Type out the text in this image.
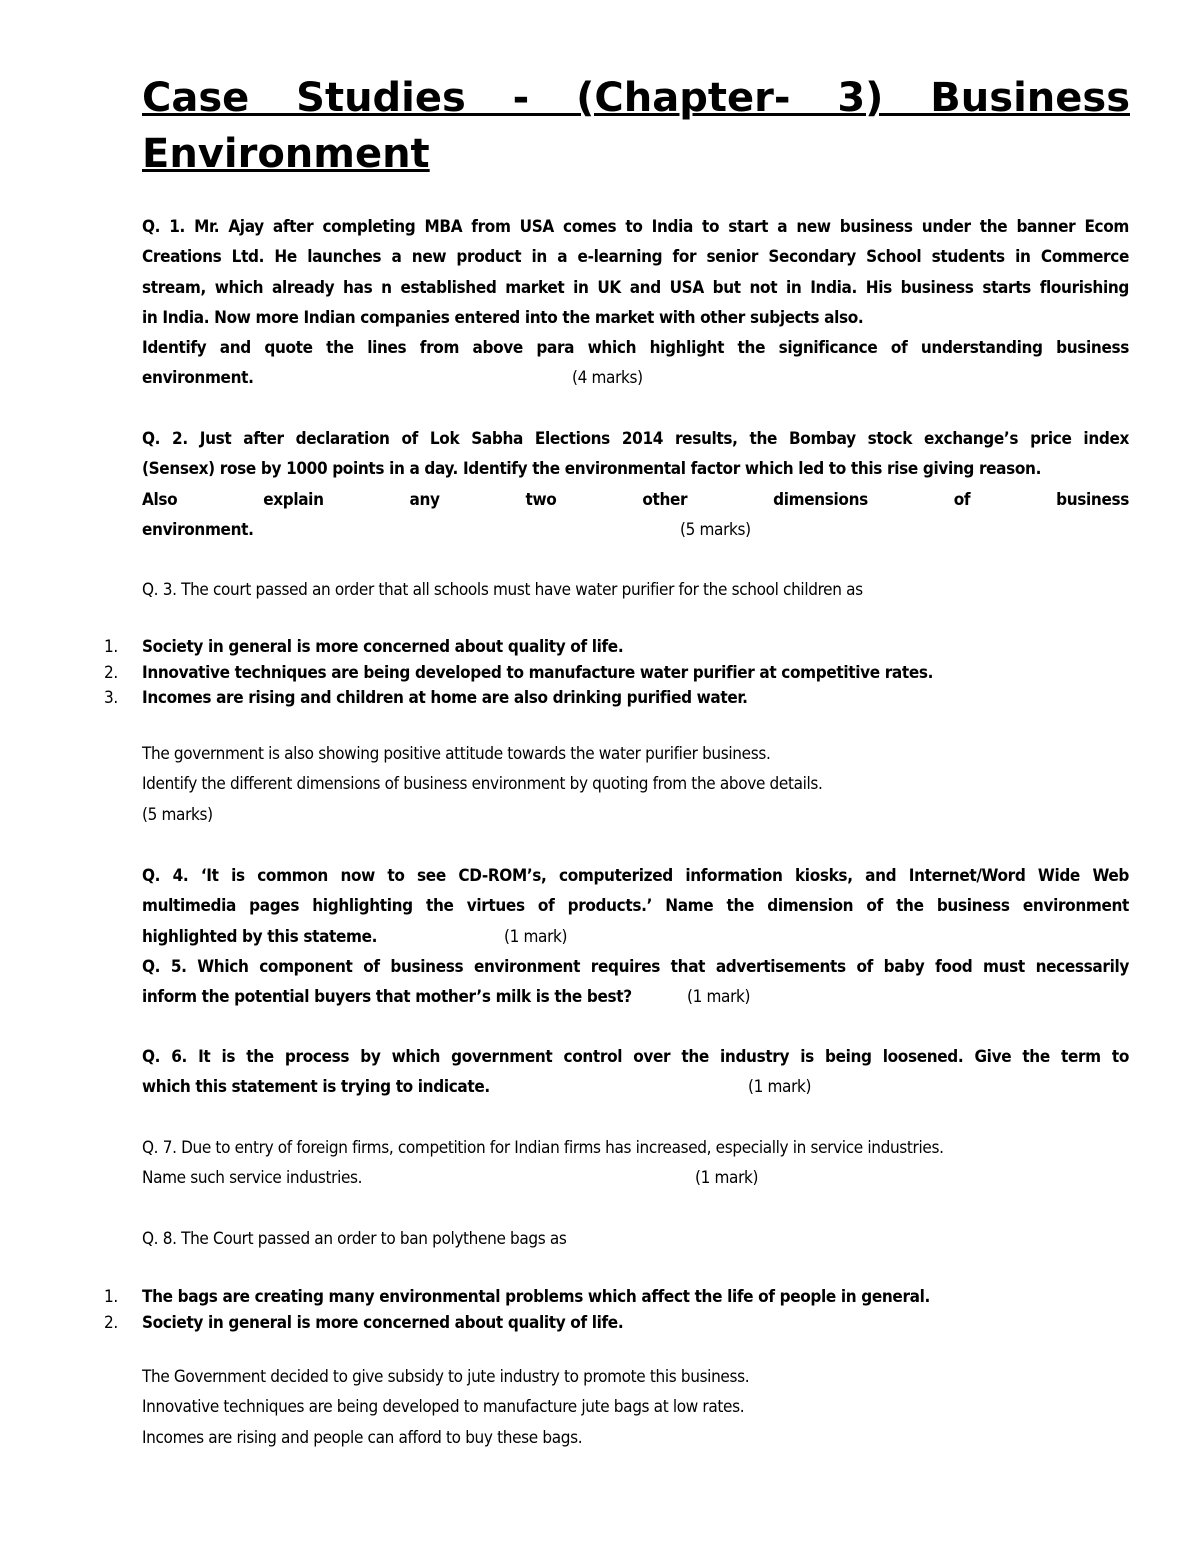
Case Studies - (Chapter- 3) Business
Environment
Q. 1. Mr. Ajay after completing MBA from USA comes to India to start a new business under the banner Ecom
Creations Ltd. He launches a new product in a e-learning for senior Secondary School students in Commerce
stream, which already has n established market in UK and USA but not in India. His business starts flourishing
in India. Now more Indian companies entered into the market with other subjects also.
Identify and quote the lines from above para which highlight the significance of understanding business
environment.	(4 marks)
Q. 2. Just after declaration of Lok Sabha Elections 2014 results, the Bombay stock exchange’s price index
(Sensex) rose by 1000 points in a day. Identify the environmental factor which led to this rise giving reason.
Also explain any two other dimensions of business
environment.	(5 marks)
Q. 3. The court passed an order that all schools must have water purifier for the school children as
1. Society in general is more concerned about quality of life.
2. Innovative techniques are being developed to manufacture water purifier at competitive rates.
3. Incomes are rising and children at home are also drinking purified water.
The government is also showing positive attitude towards the water purifier business.
Identify the different dimensions of business environment by quoting from the above details.
(5 marks)
Q. 4. ‘It is common now to see CD-ROM’s, computerized information kiosks, and Internet/Word Wide Web
multimedia pages highlighting the virtues of products.’ Name the dimension of the business environment
highlighted by this stateme.	(1 mark)
Q. 5. Which component of business environment requires that advertisements of baby food must necessarily
inform the potential buyers that mother’s milk is the best?	(1 mark)
Q. 6. It is the process by which government control over the industry is being loosened. Give the term to
which this statement is trying to indicate.	(1 mark)
Q. 7. Due to entry of foreign firms, competition for Indian firms has increased, especially in service industries.
Name such service industries.	(1 mark)
Q. 8. The Court passed an order to ban polythene bags as
1. The bags are creating many environmental problems which affect the life of people in general.
2. Society in general is more concerned about quality of life.
The Government decided to give subsidy to jute industry to promote this business.
Innovative techniques are being developed to manufacture jute bags at low rates.
Incomes are rising and people can afford to buy these bags.
